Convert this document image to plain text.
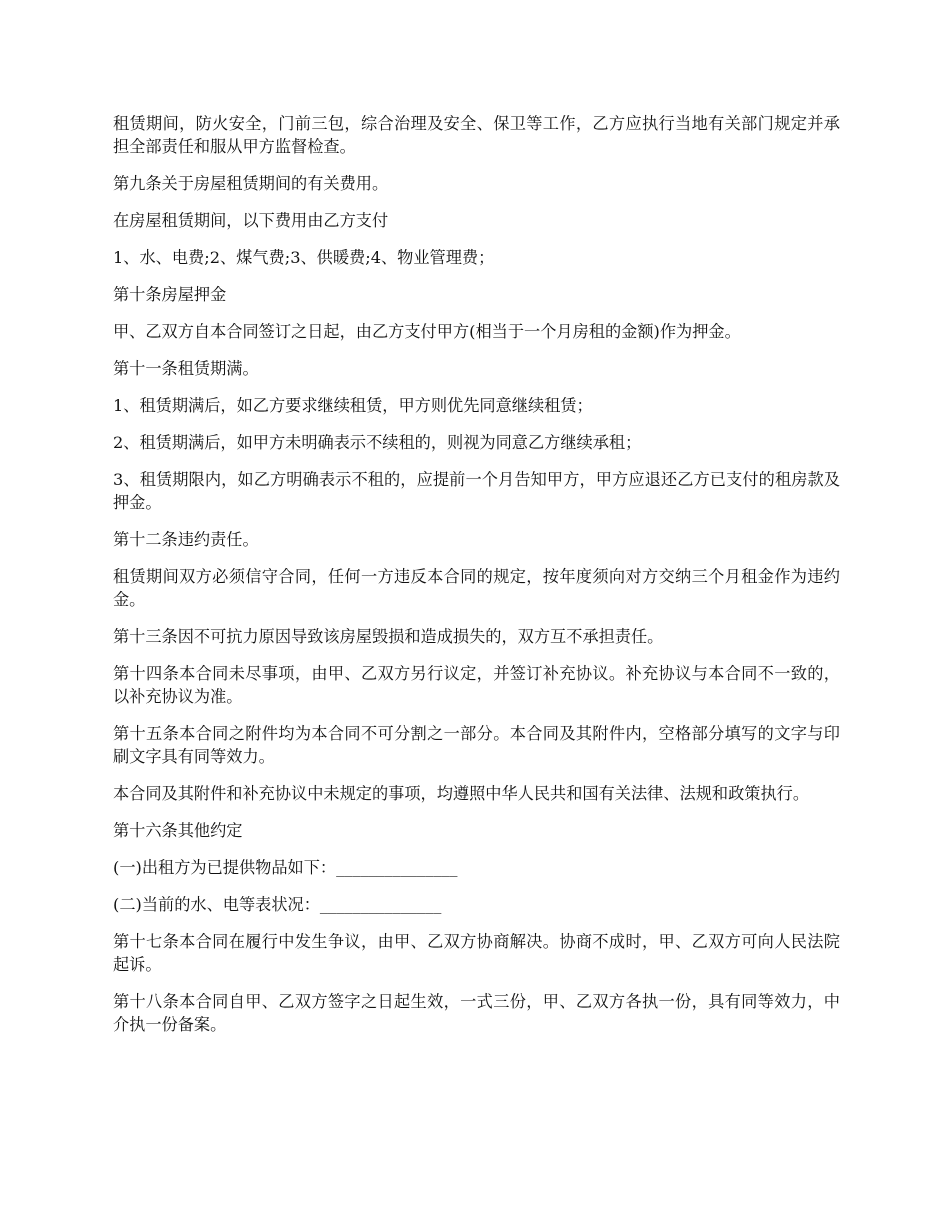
租赁期间，防火安全，门前三包，综合治理及安全、保卫等工作，乙方应执行当地有关部门规定并承担全部责任和服从甲方监督检查。

第九条关于房屋租赁期间的有关费用。

在房屋租赁期间，以下费用由乙方支付

1、水、电费;2、煤气费;3、供暖费;4、物业管理费；

第十条房屋押金

甲、乙双方自本合同签订之日起，由乙方支付甲方(相当于一个月房租的金额)作为押金。

第十一条租赁期满。

1、租赁期满后，如乙方要求继续租赁，甲方则优先同意继续租赁；

2、租赁期满后，如甲方未明确表示不续租的，则视为同意乙方继续承租；

3、租赁期限内，如乙方明确表示不租的，应提前一个月告知甲方，甲方应退还乙方已支付的租房款及押金。

第十二条违约责任。

租赁期间双方必须信守合同，任何一方违反本合同的规定，按年度须向对方交纳三个月租金作为违约金。

第十三条因不可抗力原因导致该房屋毁损和造成损失的，双方互不承担责任。

第十四条本合同未尽事项，由甲、乙双方另行议定，并签订补充协议。补充协议与本合同不一致的，以补充协议为准。

第十五条本合同之附件均为本合同不可分割之一部分。本合同及其附件内，空格部分填写的文字与印刷文字具有同等效力。

本合同及其附件和补充协议中未规定的事项，均遵照中华人民共和国有关法律、法规和政策执行。

第十六条其他约定

(一)出租方为已提供物品如下：_______________

(二)当前的水、电等表状况：_______________

第十七条本合同在履行中发生争议，由甲、乙双方协商解决。协商不成时，甲、乙双方可向人民法院起诉。

第十八条本合同自甲、乙双方签字之日起生效，一式三份，甲、乙双方各执一份，具有同等效力，中介执一份备案。
